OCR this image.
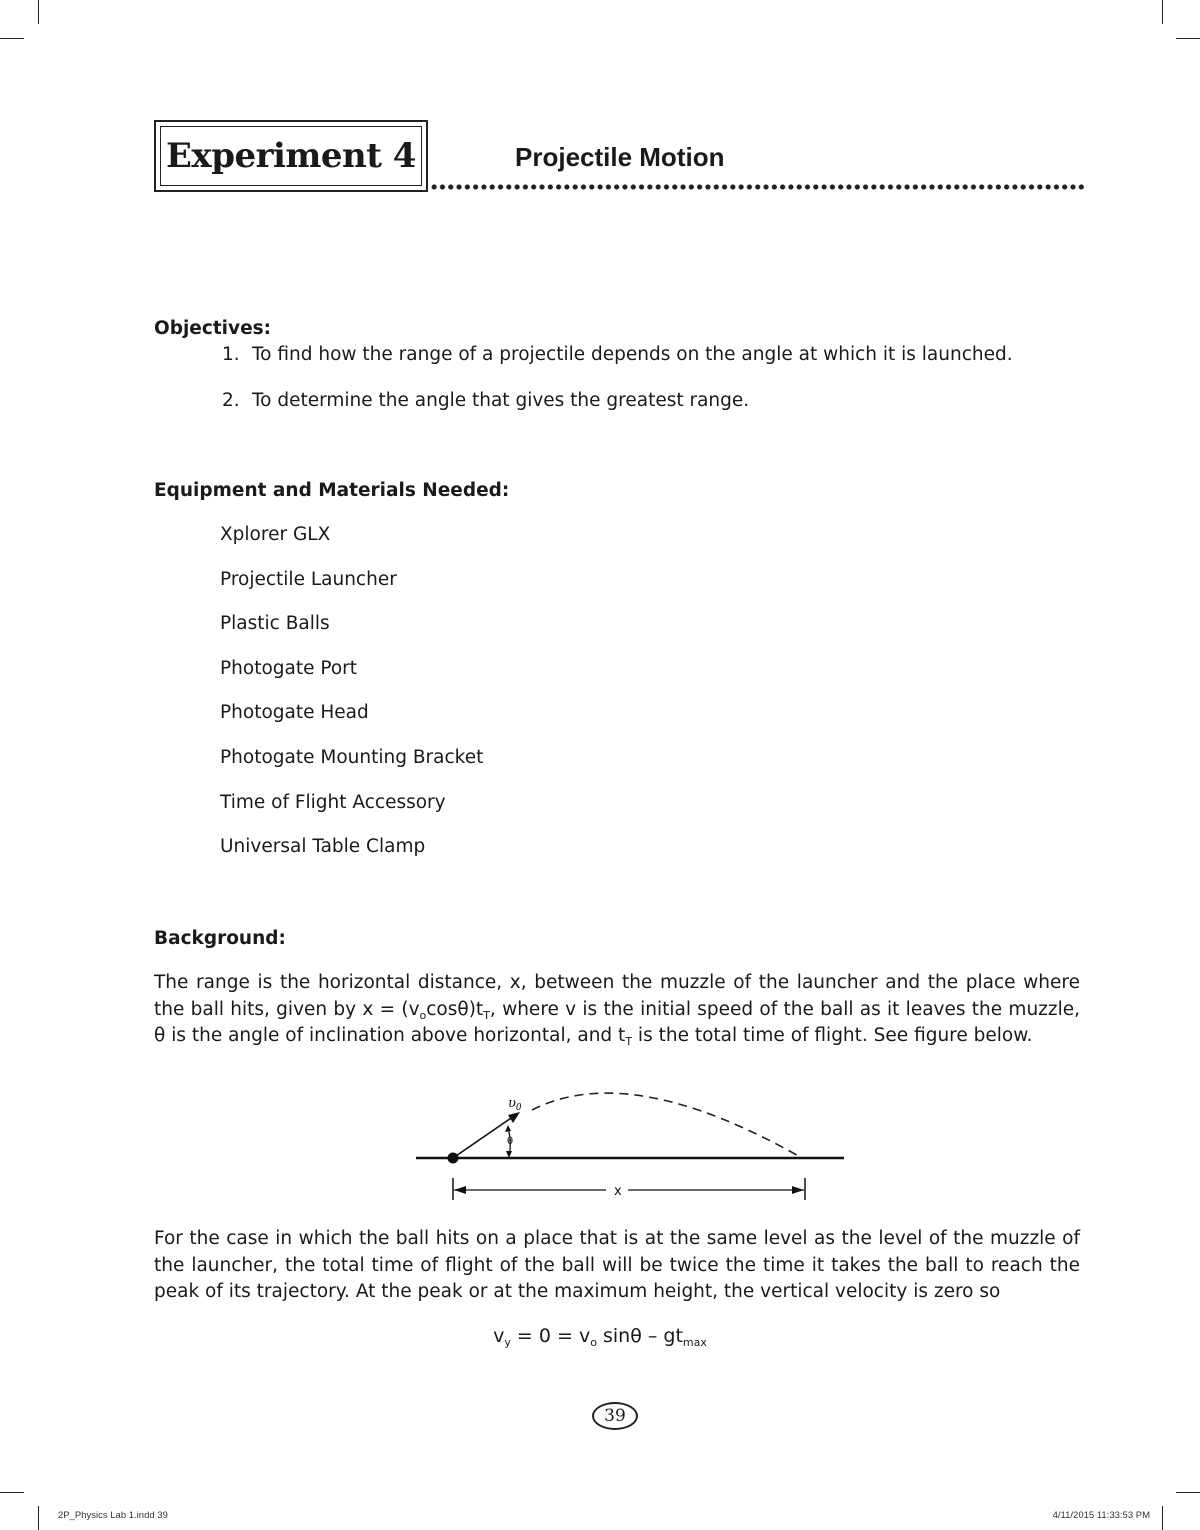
Experiment 4	Projectile Motion
Objectives:
1. To find how the range of a projectile depends on the angle at which it is launched.
2. To determine the angle that gives the greatest range.
Equipment and Materials Needed:
Xplorer GLX
Projectile Launcher
Plastic Balls
Photogate Port
Photogate Head
Photogate Mounting Bracket
Time of Flight Accessory
Universal Table Clamp
Background:
The range is the horizontal distance, x, between the muzzle of the launcher and the place where the ball hits, given by $x = (v_o\cos\theta)t_T$, where v is the initial speed of the ball as it leaves the muzzle, θ is the angle of inclination above horizontal, and $t_T$ is the total time of flight. See figure below.
$\upsilon_0$
θ
x
For the case in which the ball hits on a place that is at the same level as the level of the muzzle of the launcher, the total time of flight of the ball will be twice the time it takes the ball to reach the peak of its trajectory. At the peak or at the maximum height, the vertical velocity is zero so
$v_y = 0 = v_o$ sinθ – $gt_{max}$
39
2P_Physics Lab 1.indd 39	4/11/2015 11:33:53 PM
